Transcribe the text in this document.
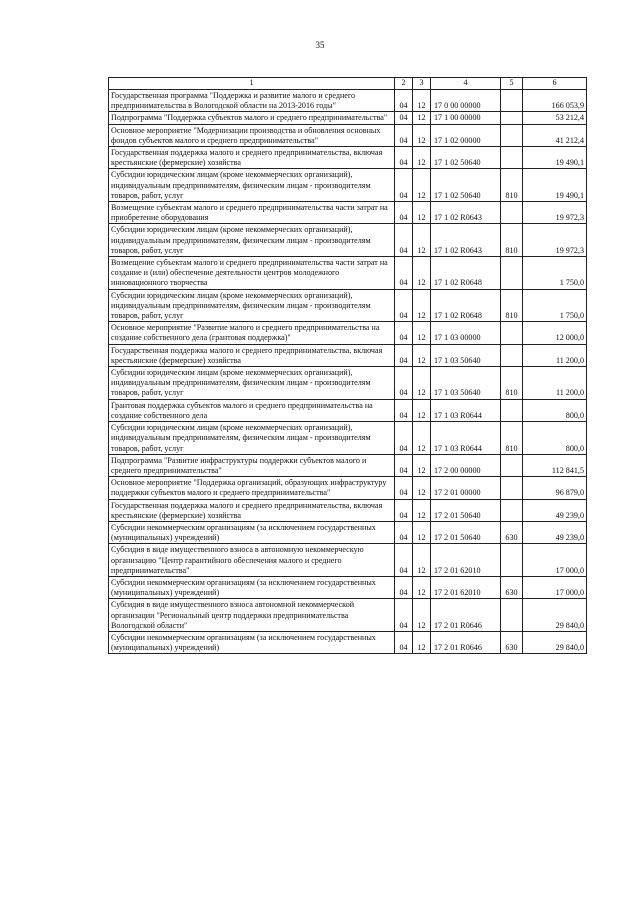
35
1	2	3	4	5	6
Государственная программа "Поддержка и развитие малого и среднего предпринимательства в Вологодской области на 2013-2016 годы"	04	12	17 0 00 00000		166 053,9
Подпрограмма "Поддержка субъектов малого и среднего предпринимательства"	04	12	17 1 00 00000		53 212,4
Основное мероприятие "Модернизации производства и обновления основных фондов субъектов малого и среднего предпринимательства"	04	12	17 1 02 00000		41 212,4
Государственная поддержка малого и среднего предпринимательства, включая крестьянские (фермерские) хозяйства	04	12	17 1 02 50640		19 490,1
Субсидии юридическим лицам (кроме некоммерческих организаций), индивидуальным предпринимателям, физическим лицам - производителям товаров, работ, услуг	04	12	17 1 02 50640	810	19 490,1
Возмещение субъектам малого и среднего предпринимательства части затрат на приобретение оборудования	04	12	17 1 02 R0643		19 972,3
Субсидии юридическим лицам (кроме некоммерческих организаций), индивидуальным предпринимателям, физическим лицам - производителям товаров, работ, услуг	04	12	17 1 02 R0643	810	19 972,3
Возмещение субъектам малого и среднего предпринимательства части затрат на создание и (или) обеспечение деятельности центров молодежного инновационного творчества	04	12	17 1 02 R0648		1 750,0
Субсидии юридическим лицам (кроме некоммерческих организаций), индивидуальным предпринимателям, физическим лицам - производителям товаров, работ, услуг	04	12	17 1 02 R0648	810	1 750,0
Основное мероприятие "Развитие малого и среднего предпринимательства на создание собственного дела (грантовая поддержка)"	04	12	17 1 03 00000		12 000,0
Государственная поддержка малого и среднего предпринимательства, включая крестьянские (фермерские) хозяйства	04	12	17 1 03 50640		11 200,0
Субсидии юридическим лицам (кроме некоммерческих организаций), индивидуальным предпринимателям, физическим лицам - производителям товаров, работ, услуг	04	12	17 1 03 50640	810	11 200,0
Грантовая поддержка субъектов малого и среднего предпринимательства на создание собственного дела	04	12	17 1 03 R0644		800,0
Субсидии юридическим лицам (кроме некоммерческих организаций), индивидуальным предпринимателям, физическим лицам - производителям товаров, работ, услуг	04	12	17 1 03 R0644	810	800,0
Подпрограмма "Развитие инфраструктуры поддержки субъектов малого и среднего предпринимательства"	04	12	17 2 00 00000		112 841,5
Основное мероприятие "Поддержка организаций, образующих инфраструктуру поддержки субъектов малого и среднего предпринимательства"	04	12	17 2 01 00000		96 879,0
Государственная поддержка малого и среднего предпринимательства, включая крестьянские (фермерские) хозяйства	04	12	17 2 01 50640		49 239,0
Субсидии некоммерческим организациям (за исключением государственных (муниципальных) учреждений)	04	12	17 2 01 50640	630	49 239,0
Субсидия в виде имущественного взноса в автономную некоммерческую организацию "Центр гарантийного обеспечения малого и среднего предпринимательства"	04	12	17 2 01 62010		17 000,0
Субсидии некоммерческим организациям (за исключением государственных (муниципальных) учреждений)	04	12	17 2 01 62010	630	17 000,0
Субсидия в виде имущественного взноса автономной некоммерческой организации "Региональный центр поддержки предпринимательства Вологодской области"	04	12	17 2 01 R0646		29 840,0
Субсидии некоммерческим организациям (за исключением государственных (муниципальных) учреждений)	04	12	17 2 01 R0646	630	29 840,0
